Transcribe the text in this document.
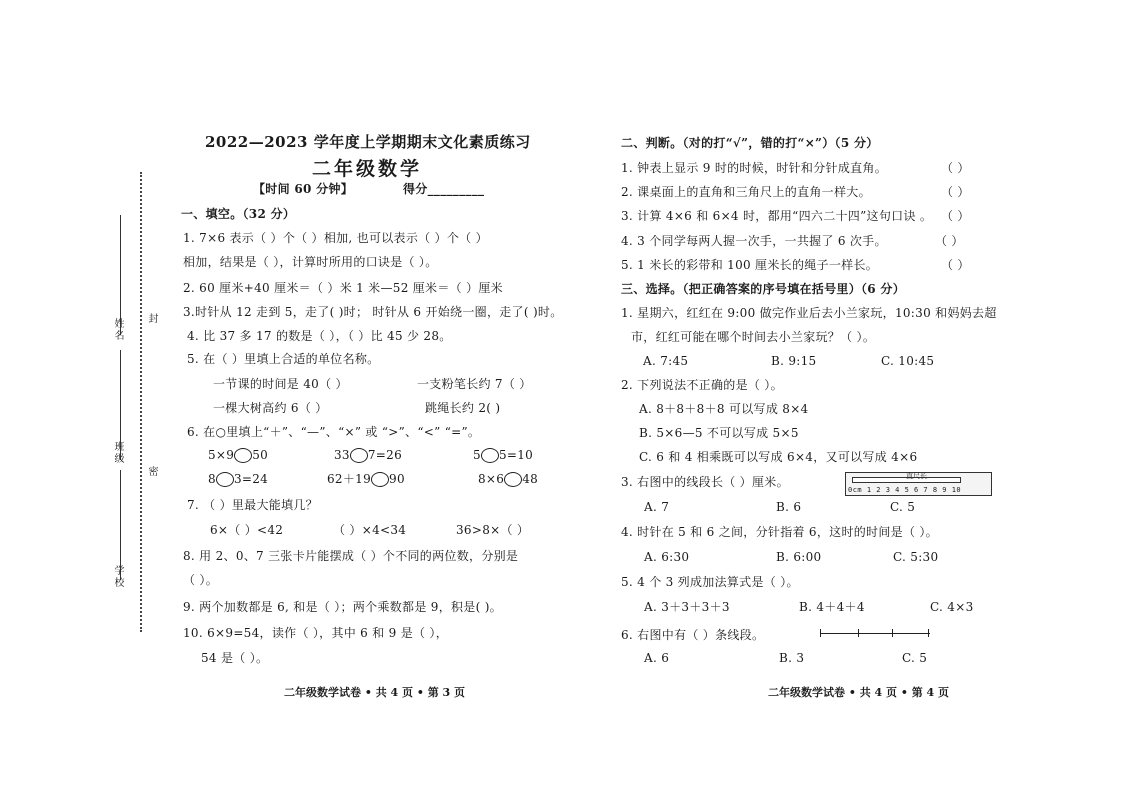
姓名 封
班级
密
学校
2022—2023 学年度上学期期末文化素质练习
二年级数学
【时间 60 分钟】	得分_________
一、填空。（32 分）
1. 7×6 表示（ ）个（ ）相加, 也可以表示（ ）个（ ）
相加，结果是（ ），计算时所用的口诀是（ ）。
2. 60 厘米+40 厘米＝（ ）米 1 米—52 厘米＝（ ）厘米
3.时针从 12 走到 5，走了( )时； 时针从 6 开始绕一圈，走了( )时。
4. 比 37 多 17 的数是（ ），（ ）比 45 少 28。
5. 在（ ）里填上合适的单位名称。
一节课的时间是 40（ ）	一支粉笔长约 7（ ）
一棵大树高约 6（ ）	跳绳长约 2( )
6. 在○里填上“＋”、“—”、“×” 或 “>”、“<” “=”。
5×9 50	33 7=26	5 5=10
8 3=24	62＋19 90	8×6 48
7. （ ）里最大能填几？
6×（ ）<42	（ ）×4<34	36>8×（ ）
8. 用 2、0、7 三张卡片能摆成（ ）个不同的两位数，分别是
（ ）。
9. 两个加数都是 6, 和是（ ）；两个乘数都是 9，积是( )。
10. 6×9=54，读作（ ），其中 6 和 9 是（ ），
54 是（ ）。
二年级数学试卷 • 共 4 页 • 第 3 页
二、判断。（对的打“√”，错的打“×”）（5 分）
1. 钟表上显示 9 时的时候，时针和分针成直角。	（ ）
2. 课桌面上的直角和三角尺上的直角一样大。	（ ）
3. 计算 4×6 和 6×4 时，都用“四六二十四”这句口诀 。 （ ）
4. 3 个同学每两人握一次手，一共握了 6 次手。	（ ）
5. 1 米长的彩带和 100 厘米长的绳子一样长。	（ ）
三、选择。（把正确答案的序号填在括号里）（6 分）
1. 星期六，红红在 9:00 做完作业后去小兰家玩，10:30 和妈妈去超
市，红红可能在哪个时间去小兰家玩？（ ）。
A. 7:45	B. 9:15	C. 10:45
2. 下列说法不正确的是（ ）。
A. 8＋8＋8＋8 可以写成 8×4
B. 5×6—5 不可以写成 5×5
C. 6 和 4 相乘既可以写成 6×4，又可以写成 4×6
3. 右图中的线段长（ ）厘米。	直尺长
0cm 1 2 3 4 5 6 7 8 9 10
A. 7	B. 6	C. 5
4. 时针在 5 和 6 之间，分针指着 6，这时的时间是（ ）。
A. 6:30	B. 6:00	C. 5:30
5. 4 个 3 列成加法算式是（ ）。
A. 3＋3＋3＋3	B. 4＋4＋4	C. 4×3
6. 右图中有（ ）条线段。
A. 6	B. 3	C. 5
二年级数学试卷 • 共 4 页 • 第 4 页
